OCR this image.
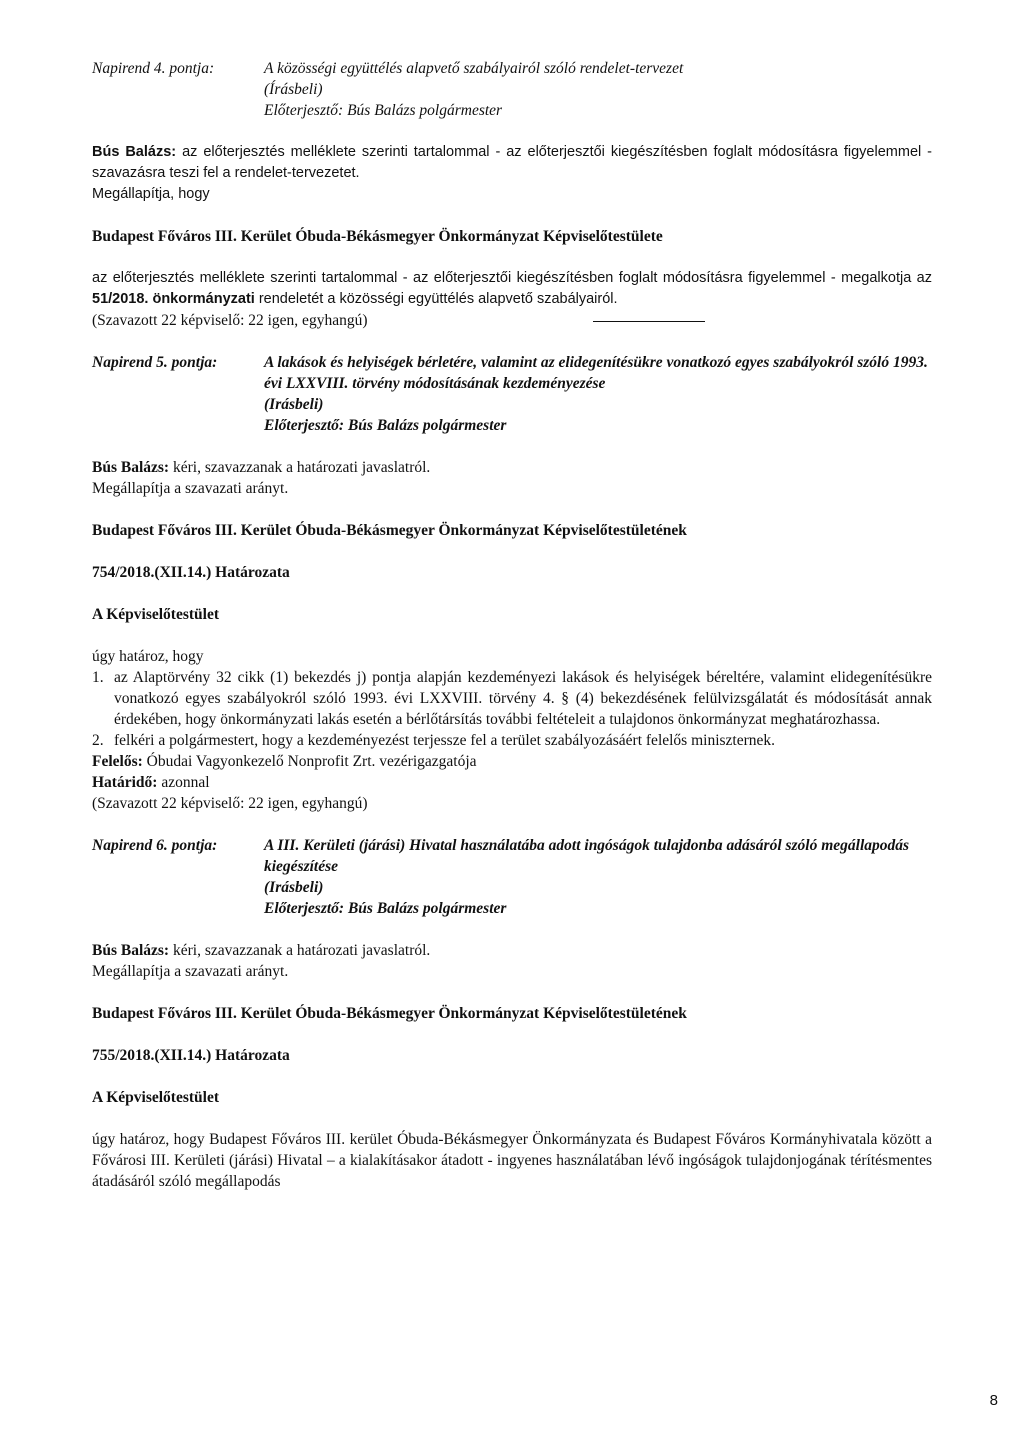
Napirend 4. pontja:	A közösségi együttélés alapvető szabályairól szóló rendelet-tervezet

(Írásbeli)

Előterjesztő: Bús Balázs polgármester

Bús Balázs: az előterjesztés melléklete szerinti tartalommal - az előterjesztői kiegészítésben foglalt módosításra figyelemmel - szavazásra teszi fel a rendelet-tervezetet.

Megállapítja, hogy

Budapest Főváros III. Kerület Óbuda-Békásmegyer Önkormányzat Képviselőtestülete

az előterjesztés melléklete szerinti tartalommal - az előterjesztői kiegészítésben foglalt módosításra figyelemmel - megalkotja az 51/2018. önkormányzati rendeletét a közösségi együttélés alapvető szabályairól.

(Szavazott 22 képviselő: 22 igen, egyhangú)

Napirend 5. pontja:	A lakások és helyiségek bérletére, valamint az elidegenítésükre vonatkozó egyes szabályokról szóló 1993. évi LXXVIII. törvény módosításának kezdeményezése

(Irásbeli)

Előterjesztő: Bús Balázs polgármester

Bús Balázs: kéri, szavazzanak a határozati javaslatról.

Megállapítja a szavazati arányt.

Budapest Főváros III. Kerület Óbuda-Békásmegyer Önkormányzat Képviselőtestületének

754/2018.(XII.14.) Határozata

A Képviselőtestület

úgy határoz, hogy

1. az Alaptörvény 32 cikk (1) bekezdés j) pontja alapján kezdeményezi lakások és helyiségek béreltére, valamint elidegenítésükre vonatkozó egyes szabályokról szóló 1993. évi LXXVIII. törvény 4. § (4) bekezdésének felülvizsgálatát és módosítását annak érdekében, hogy önkormányzati lakás esetén a bérlőtársítás további feltételeit a tulajdonos önkormányzat meghatározhassa.
2. felkéri a polgármestert, hogy a kezdeményezést terjessze fel a terület szabályozásáért felelős miniszternek.

Felelős: Óbudai Vagyonkezelő Nonprofit Zrt. vezérigazgatója

Határidő: azonnal

(Szavazott 22 képviselő: 22 igen, egyhangú)

Napirend 6. pontja:	A III. Kerületi (járási) Hivatal használatába adott ingóságok tulajdonba adásáról szóló megállapodás kiegészítése

(Irásbeli)

Előterjesztő: Bús Balázs polgármester

Bús Balázs: kéri, szavazzanak a határozati javaslatról.

Megállapítja a szavazati arányt.

Budapest Főváros III. Kerület Óbuda-Békásmegyer Önkormányzat Képviselőtestületének

755/2018.(XII.14.) Határozata

A Képviselőtestület

úgy határoz, hogy Budapest Főváros III. kerület Óbuda-Békásmegyer Önkormányzata és Budapest Főváros Kormányhivatala között a Fővárosi III. Kerületi (járási) Hivatal – a kialakításakor átadott - ingyenes használatában lévő ingóságok tulajdonjogának térítésmentes átadásáról szóló megállapodás

8
